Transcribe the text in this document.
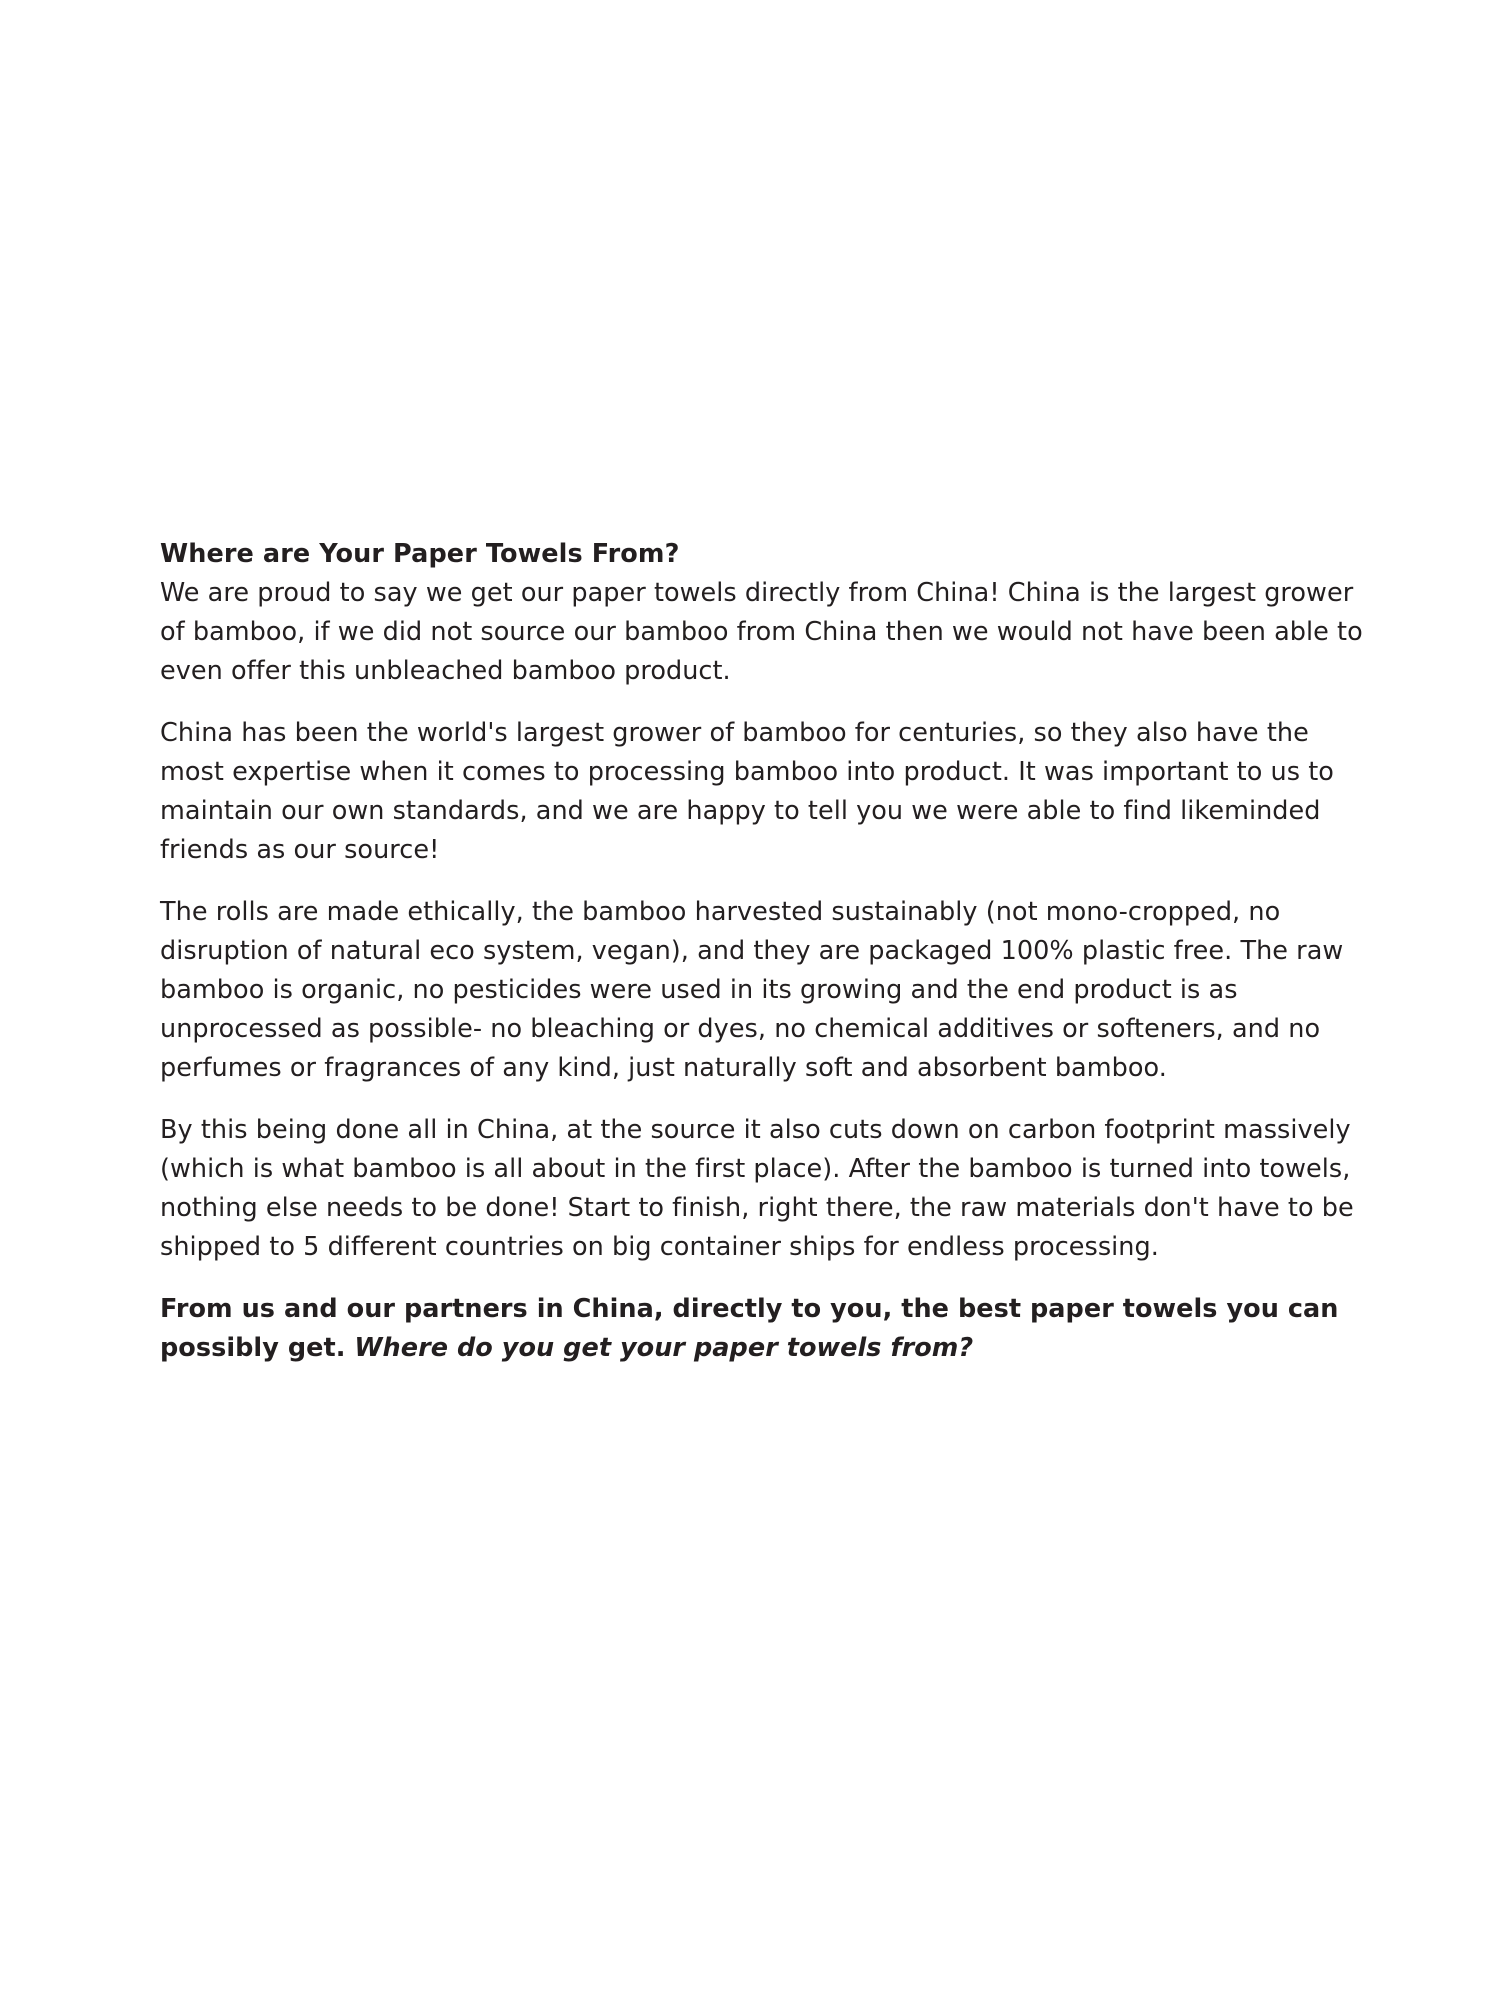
Where are Your Paper Towels From?

We are proud to say we get our paper towels directly from China! China is the largest grower of bamboo, if we did not source our bamboo from China then we would not have been able to even offer this unbleached bamboo product.

China has been the world's largest grower of bamboo for centuries, so they also have the most expertise when it comes to processing bamboo into product. It was important to us to maintain our own standards, and we are happy to tell you we were able to find likeminded friends as our source!

The rolls are made ethically, the bamboo harvested sustainably (not mono-cropped, no disruption of natural eco system, vegan), and they are packaged 100% plastic free. The raw bamboo is organic, no pesticides were used in its growing and the end product is as unprocessed as possible- no bleaching or dyes, no chemical additives or softeners, and no perfumes or fragrances of any kind, just naturally soft and absorbent bamboo.

By this being done all in China, at the source it also cuts down on carbon footprint massively (which is what bamboo is all about in the first place). After the bamboo is turned into towels, nothing else needs to be done! Start to finish, right there, the raw materials don't have to be shipped to 5 different countries on big container ships for endless processing.

From us and our partners in China, directly to you, the best paper towels you can possibly get. Where do you get your paper towels from?
